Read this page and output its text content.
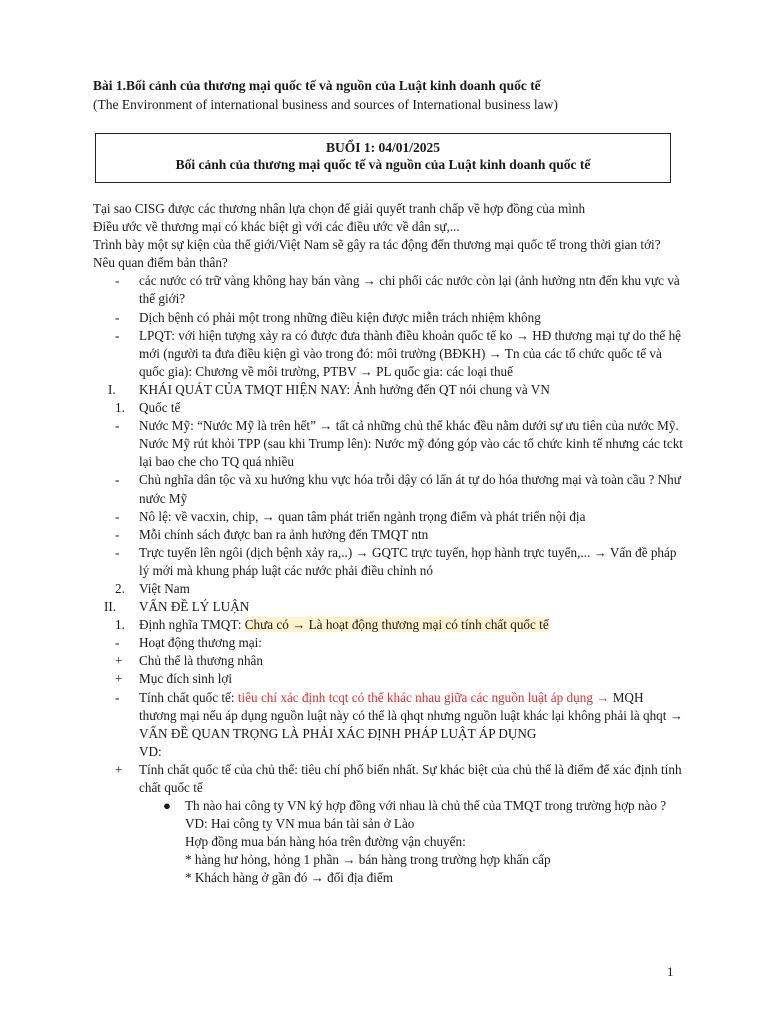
Bài 1.Bối cảnh của thương mại quốc tế và nguồn của Luật kinh doanh quốc tế
(The Environment of international business and sources of International business law)
BUỔI 1: 04/01/2025
Bối cảnh của thương mại quốc tế và nguồn của Luật kinh doanh quốc tế

Tại sao CISG được các thương nhân lựa chọn để giải quyết tranh chấp về hợp đồng của mình

Điều ước về thương mại có khác biệt gì với các điều ước về dân sự,...

Trình bày một sự kiện của thế giới/Việt Nam sẽ gây ra tác động đến thương mại quốc tế trong thời gian tới? Nêu quan điểm bản thân?

- các nước có trữ vàng không hay bán vàng → chi phối các nước còn lại (ảnh hưởng ntn đến khu vực và thế giới?
- Dịch bệnh có phải một trong những điều kiện được miễn trách nhiệm không
- LPQT: với hiện tượng xảy ra có được đưa thành điều khoản quốc tế ko → HĐ thương mại tự do thế hệ mới (người ta đưa điều kiện gì vào trong đó: môi trường (BĐKH) → Tn của các tổ chức quốc tế và quốc gia): Chương về môi trường, PTBV → PL quốc gia: các loại thuế
I. KHÁI QUÁT CỦA TMQT HIỆN NAY: Ảnh hưởng đến QT nói chung và VN
1. Quốc tế
- Nước Mỹ: “Nước Mỹ là trên hết” → tất cả những chủ thể khác đều nằm dưới sự ưu tiên của nước Mỹ. Nước Mỹ rút khỏi TPP (sau khi Trump lên): Nước mỹ đóng góp vào các tổ chức kinh tế nhưng các tckt lại bao che cho TQ quá nhiều
- Chủ nghĩa dân tộc và xu hướng khu vực hóa trỗi dậy có lấn át tự do hóa thương mại và toàn cầu ? Như nước Mỹ
- Nô lệ: về vacxin, chip, → quan tâm phát triển ngành trọng điểm và phát triển nội địa
- Mỗi chính sách được ban ra ảnh hưởng đến TMQT ntn
- Trực tuyến lên ngôi (dịch bệnh xảy ra,..) → GQTC trực tuyến, họp hành trực tuyến,... → Vấn đề pháp lý mới mà khung pháp luật các nước phải điều chỉnh nó
2. Việt Nam
II. VẤN ĐỀ LÝ LUẬN
1. Định nghĩa TMQT: Chưa có → Là hoạt động thương mại có tính chất quốc tế
- Hoạt động thương mại:
+ Chủ thể là thương nhân
+ Mục đích sinh lợi
- Tính chất quốc tế: tiêu chí xác định tcqt có thể khác nhau giữa các nguồn luật áp dụng → MQH thương mại nếu áp dụng nguồn luật này có thể là qhqt nhưng nguồn luật khác lại không phải là qhqt → VẤN ĐỀ QUAN TRỌNG LÀ PHẢI XÁC ĐỊNH PHÁP LUẬT ÁP DỤNG
VD:
+ Tính chất quốc tế của chủ thể: tiêu chí phổ biến nhất. Sự khác biệt của chủ thể là điểm để xác định tính chất quốc tế
● Th nào hai công ty VN ký hợp đồng với nhau là chủ thể của TMQT trong trường hợp nào ?
VD: Hai công ty VN mua bán tài sản ở Lào
Hợp đồng mua bán hàng hóa trên đường vận chuyển:
* hàng hư hỏng, hỏng 1 phần → bán hàng trong trường hợp khẩn cấp
* Khách hàng ở gần đó → đổi địa điểm
1
